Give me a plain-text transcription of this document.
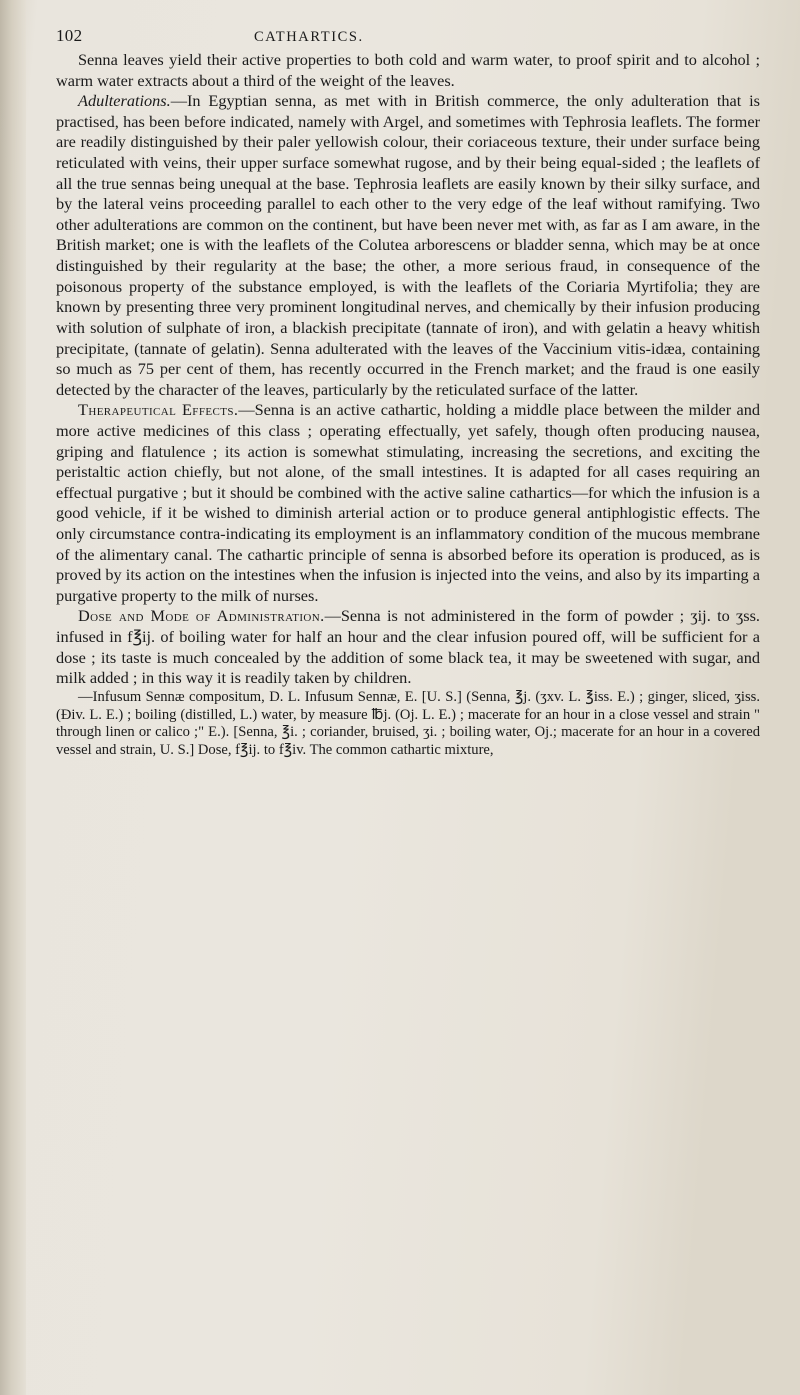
102	CATHARTICS.

Senna leaves yield their active properties to both cold and warm water, to proof spirit and to alcohol ; warm water extracts about a third of the weight of the leaves.

Adulterations.—In Egyptian senna, as met with in British commerce, the only adulteration that is practised, has been before indicated, namely with Argel, and sometimes with Tephrosia leaflets. The former are readily distinguished by their paler yellowish colour, their coriaceous texture, their under surface being reticulated with veins, their upper surface somewhat rugose, and by their being equal-sided ; the leaflets of all the true sennas being unequal at the base. Tephrosia leaflets are easily known by their silky surface, and by the lateral veins proceeding parallel to each other to the very edge of the leaf without ramifying. Two other adulterations are common on the continent, but have been never met with, as far as I am aware, in the British market; one is with the leaflets of the Colutea arborescens or bladder senna, which may be at once distinguished by their regularity at the base; the other, a more serious fraud, in consequence of the poisonous property of the substance employed, is with the leaflets of the Coriaria Myrtifolia; they are known by presenting three very prominent longitudinal nerves, and chemically by their infusion producing with solution of sulphate of iron, a blackish precipitate (tannate of iron), and with gelatin a heavy whitish precipitate, (tannate of gelatin). Senna adulterated with the leaves of the Vaccinium vitis-idæa, containing so much as 75 per cent of them, has recently occurred in the French market; and the fraud is one easily detected by the character of the leaves, particularly by the reticulated surface of the latter.

Therapeutical Effects.—Senna is an active cathartic, holding a middle place between the milder and more active medicines of this class ; operating effectually, yet safely, though often producing nausea, griping and flatulence ; its action is somewhat stimulating, increasing the secretions, and exciting the peristaltic action chiefly, but not alone, of the small intestines. It is adapted for all cases requiring an effectual purgative ; but it should be combined with the active saline cathartics—for which the infusion is a good vehicle, if it be wished to diminish arterial action or to produce general antiphlogistic effects. The only circumstance contra-indicating its employment is an inflammatory condition of the mucous membrane of the alimentary canal. The cathartic principle of senna is absorbed before its operation is produced, as is proved by its action on the intestines when the infusion is injected into the veins, and also by its imparting a purgative property to the milk of nurses.

Dose and Mode of Administration.—Senna is not administered in the form of powder ; ʒij. to ʒss. infused in f℥ij. of boiling water for half an hour and the clear infusion poured off, will be sufficient for a dose ; its taste is much concealed by the addition of some black tea, it may be sweetened with sugar, and milk added ; in this way it is readily taken by children.

—Infusum Sennæ compositum, D. L. Infusum Sennæ, E. [U. S.] (Senna, ℥j. (ʒxv. L. ℥iss. E.) ; ginger, sliced, ʒiss. (Ðiv. L. E.) ; boiling (distilled, L.) water, by measure ℔j. (Oj. L. E.) ; macerate for an hour in a close vessel and strain " through linen or calico ;" E.). [Senna, ℥i. ; coriander, bruised, ʒi. ; boiling water, Oj.; macerate for an hour in a covered vessel and strain, U. S.] Dose, f℥ij. to f℥iv. The common cathartic mixture,
